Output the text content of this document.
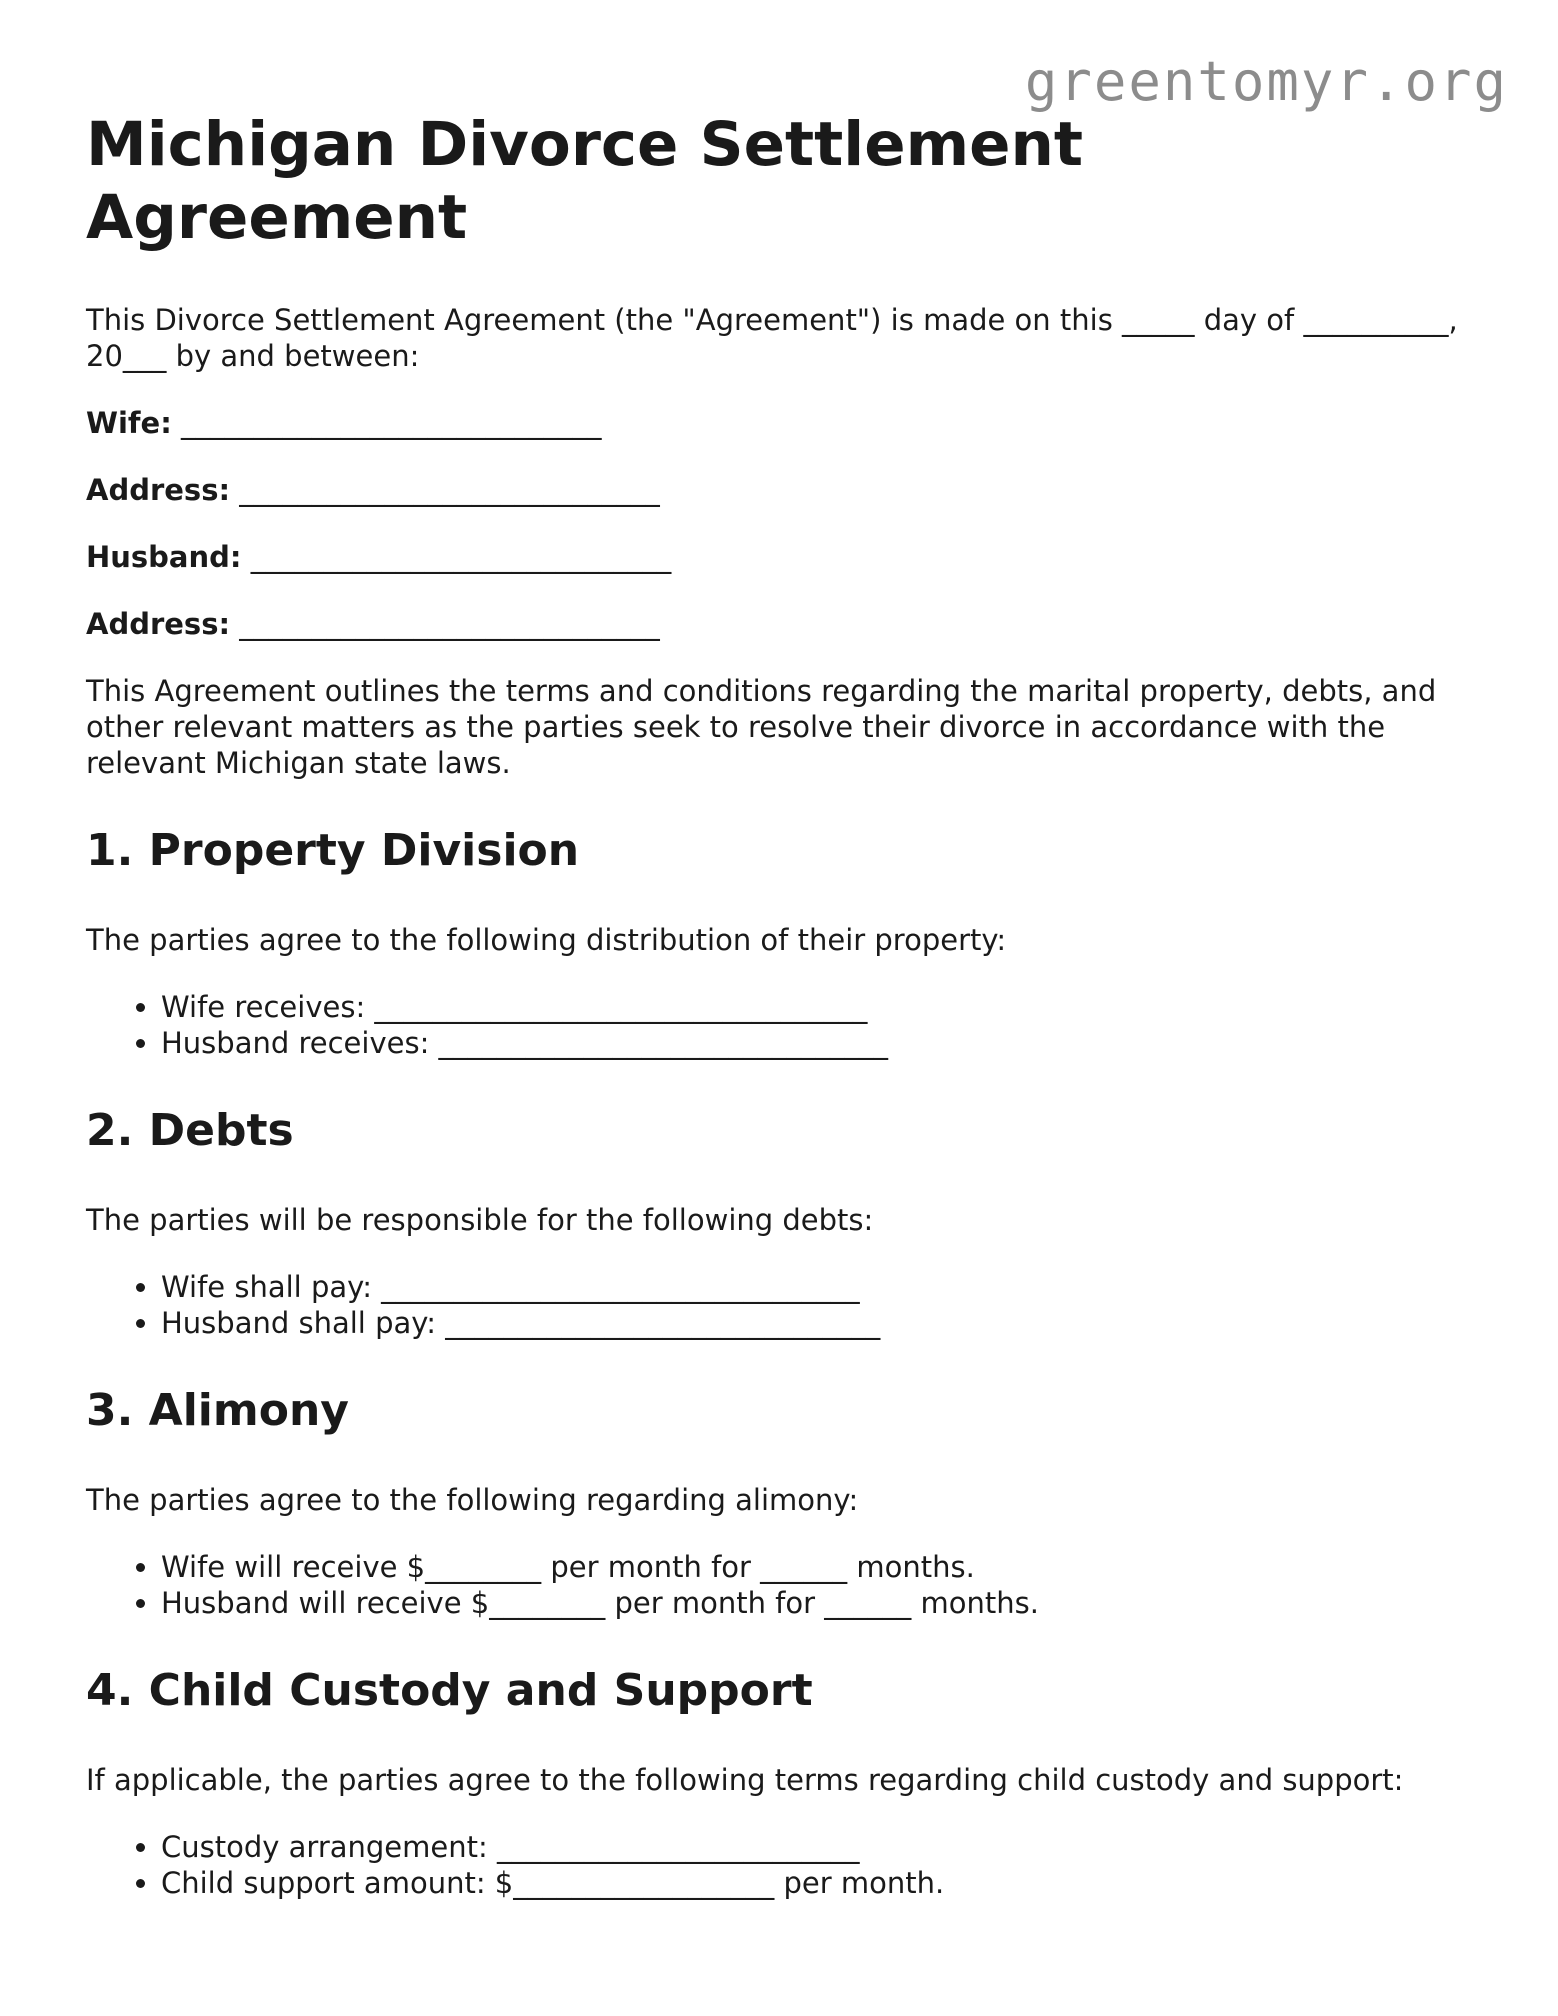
greentomyr.org
Michigan Divorce Settlement Agreement

This Divorce Settlement Agreement (the "Agreement") is made on this _____ day of __________, 20___ by and between:

Wife: _____________________________
Address: _____________________________
Husband: _____________________________
Address: _____________________________

This Agreement outlines the terms and conditions regarding the marital property, debts, and other relevant matters as the parties seek to resolve their divorce in accordance with the relevant Michigan state laws.

1. Property Division

The parties agree to the following distribution of their property:

• Wife receives: __________________________________
• Husband receives: _______________________________
2. Debts

The parties will be responsible for the following debts:

• Wife shall pay: _________________________________
• Husband shall pay: ______________________________
3. Alimony

The parties agree to the following regarding alimony:

• Wife will receive $________ per month for ______ months.
• Husband will receive $________ per month for ______ months.
4. Child Custody and Support

If applicable, the parties agree to the following terms regarding child custody and support:

• Custody arrangement: _________________________
• Child support amount: $__________________ per month.
